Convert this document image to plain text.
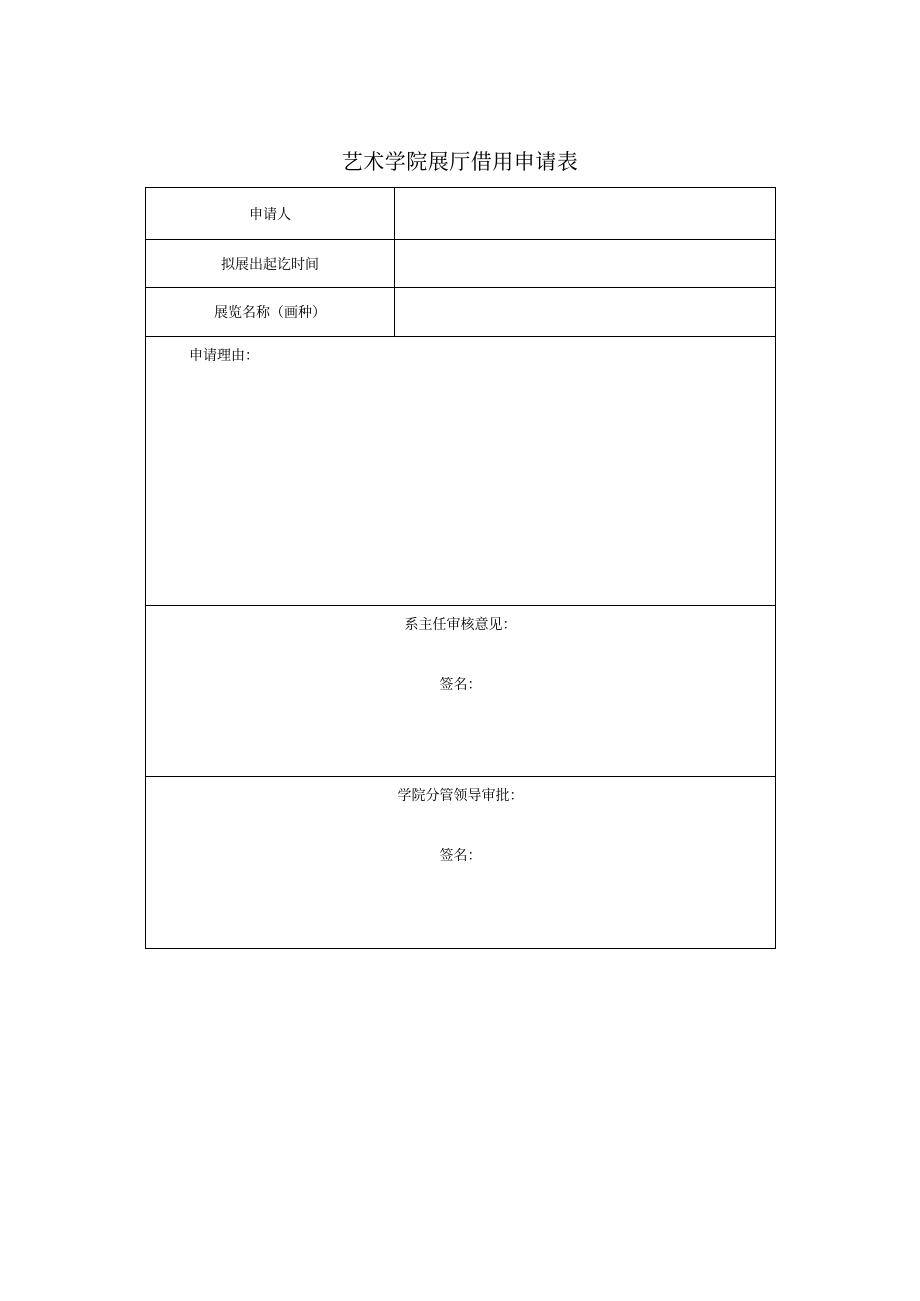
艺术学院展厅借用申请表
申请人	
拟展出起讫时间	
展览名称（画种）	

申请理由：	

系主任审核意见：
签名：	

学院分管领导审批：
签名：	
